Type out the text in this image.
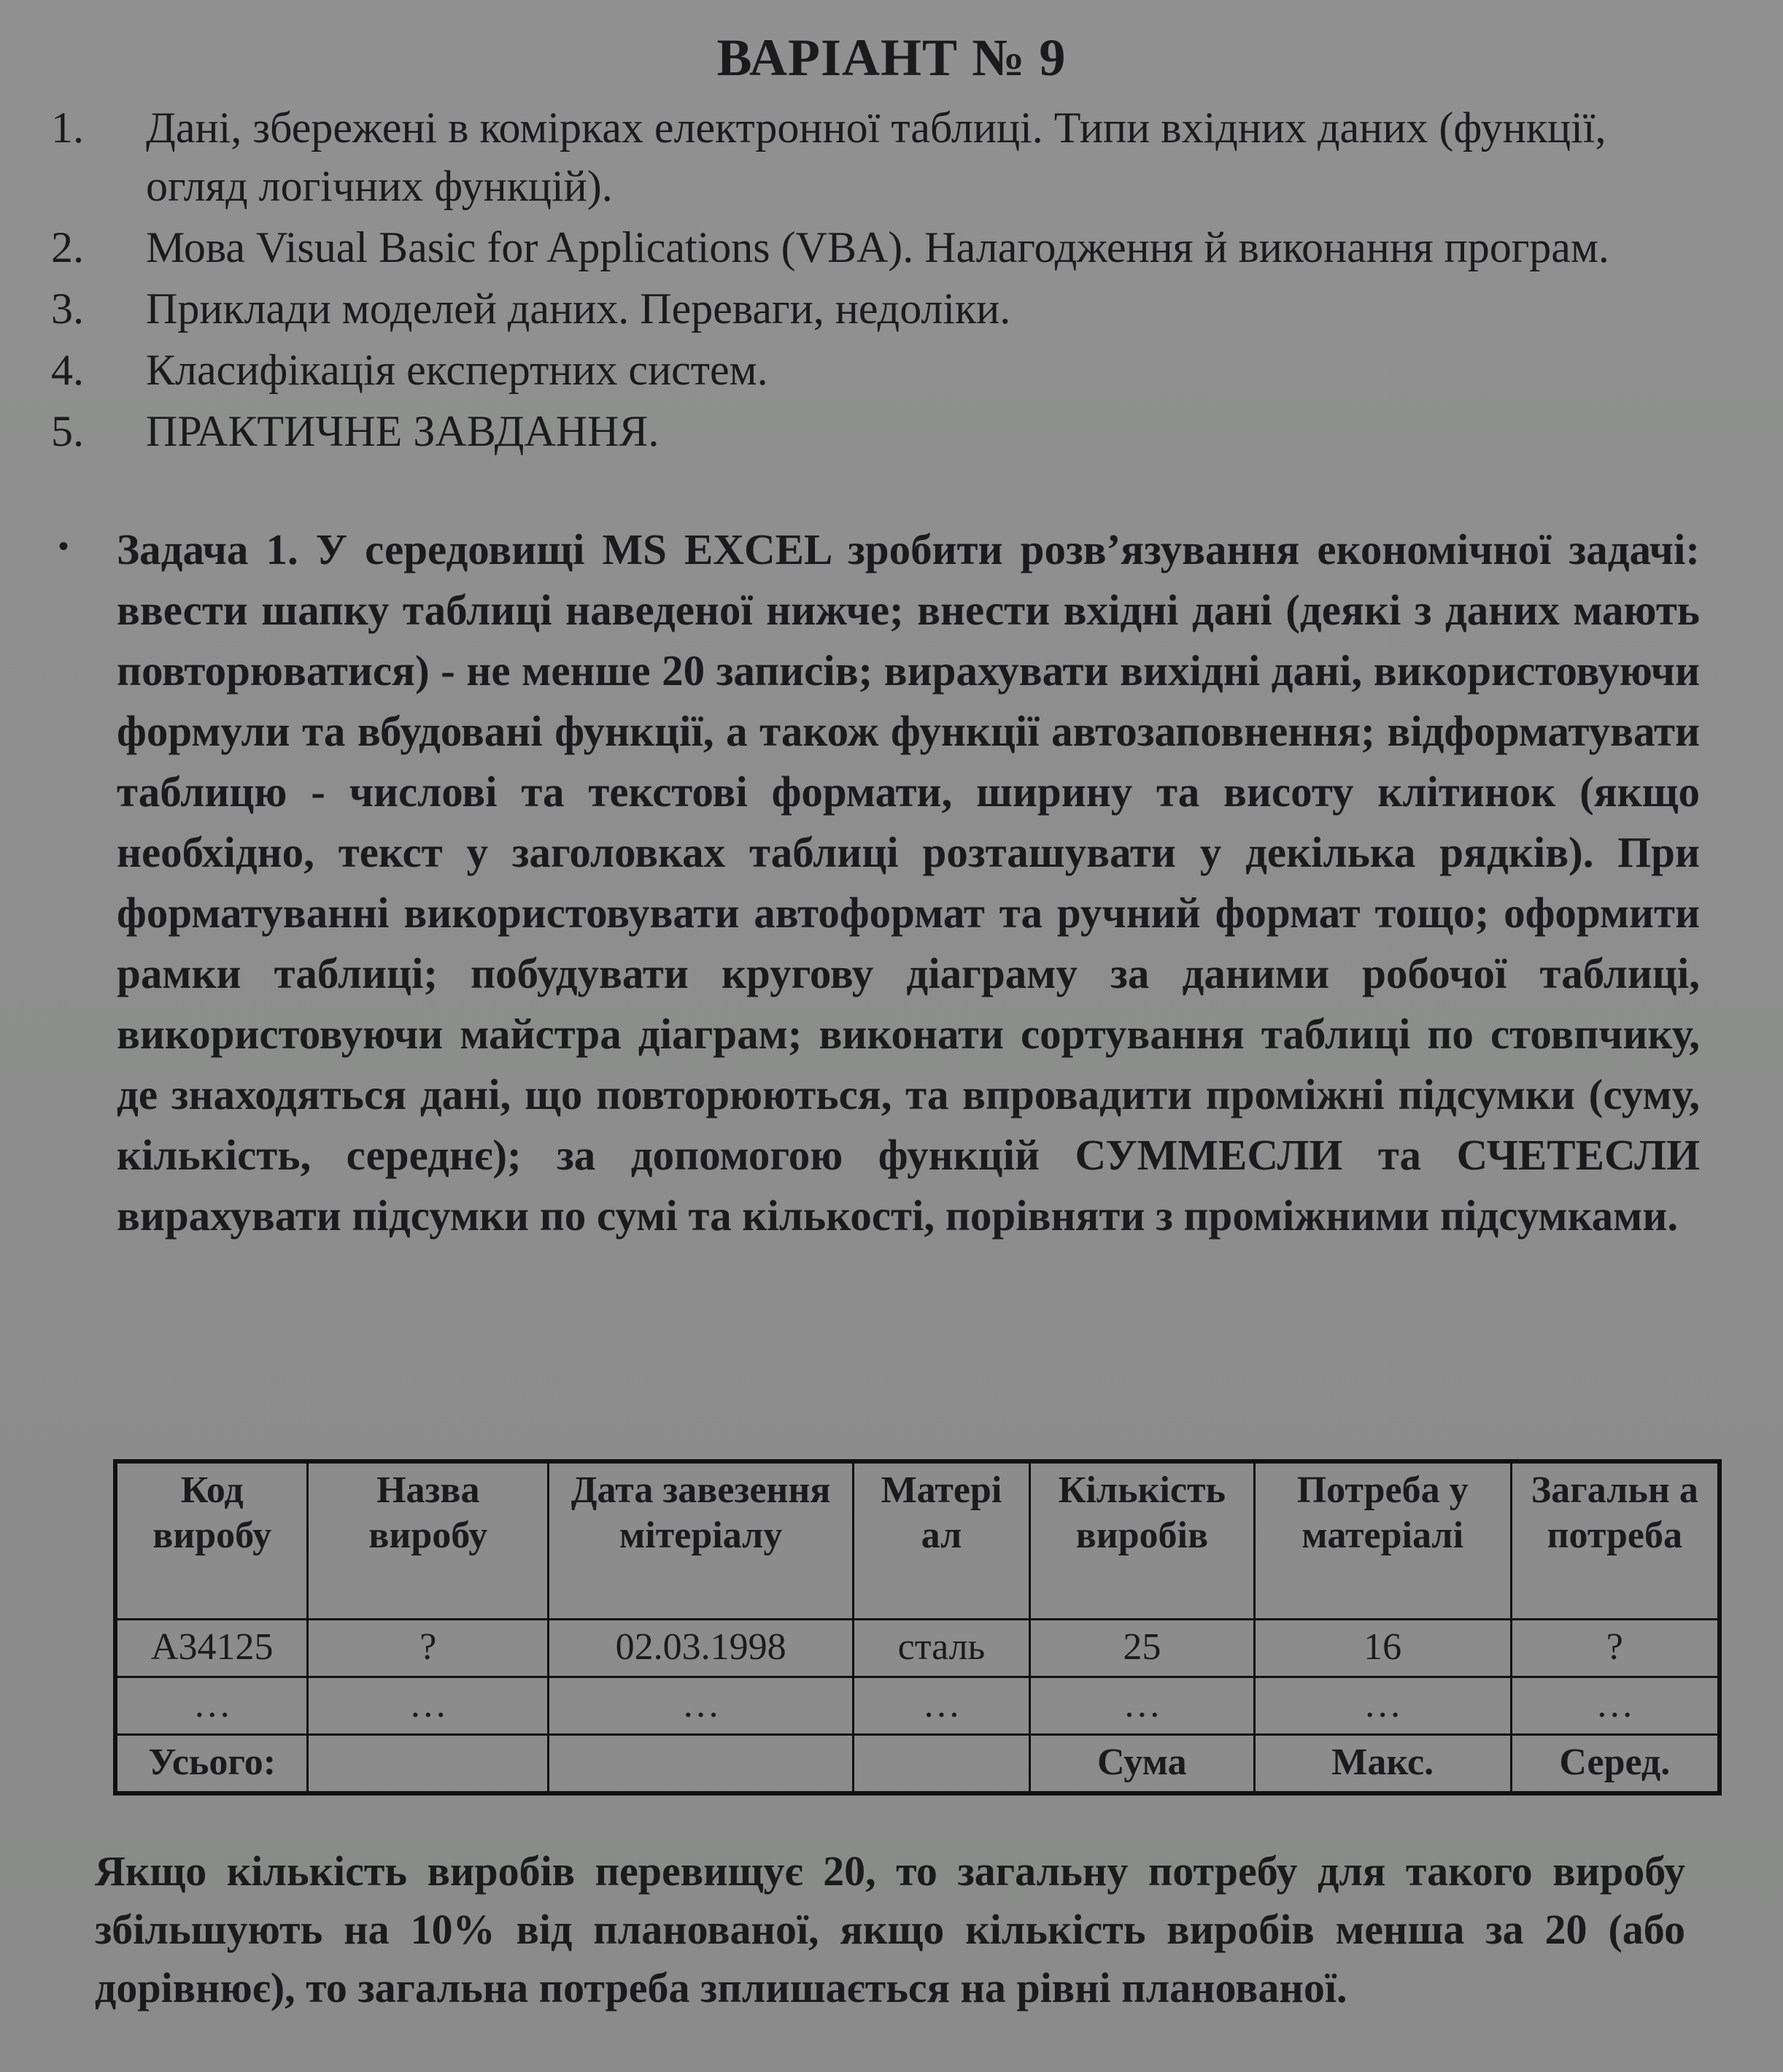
ВАРІАНТ № 9
1. Дані, збережені в комірках електронної таблиці. Типи вхідних даних (функції, огляд логічних функцій).
2. Мова Visual Basic for Applications (VBA). Налагодження й виконання програм.
3. Приклади моделей даних. Переваги, недоліки.
4. Класифікація експертних систем.
5. ПРАКТИЧНЕ ЗАВДАННЯ.
• Задача 1. У середовищі MS EXCEL зробити розв’язування економічної задачі: ввести шапку таблиці наведеної нижче; внести вхідні дані (деякі з даних мають повторюватися) - не менше 20 записів; вирахувати вихідні дані, використовуючи формули та вбудовані функції, а також функції автозаповнення; відформатувати таблицю - числові та текстові формати, ширину та висоту клітинок (якщо необхідно, текст у заголовках таблиці розташувати у декілька рядків). При форматуванні використовувати автоформат та ручний формат тощо; оформити рамки таблиці; побудувати кругову діаграму за даними робочої таблиці, використовуючи майстра діаграм; виконати сортування таблиці по стовпчику, де знаходяться дані, що повторюються, та впровадити проміжні підсумки (суму, кількість, середнє); за допомогою функцій СУММЕСЛИ та СЧЕТЕСЛИ вирахувати підсумки по сумі та кількості, порівняти з проміжними підсумками.
Код виробу	Назва виробу	Дата завезення мітеріалу	Матері ал	Кількість виробів	Потреба у матеріалі	Загальн а потреба
А34125	?	02.03.1998	сталь	25	16	?
…	…	…	…	…	…	…
Усього:				Сума	Макс.	Серед.
Якщо кількість виробів перевищує 20, то загальну потребу для такого виробу збільшують на 10% від планованої, якщо кількість виробів менша за 20 (або дорівнює), то загальна потреба зплишається на рівні планованої.
